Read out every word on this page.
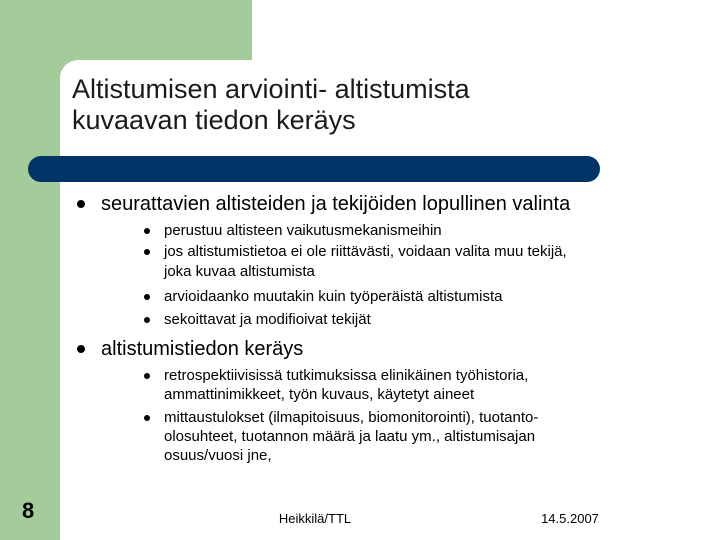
Altistumisen arviointi- altistumista
kuvaavan tiedon keräys
seurattavien altisteiden ja tekijöiden lopullinen valinta
perustuu altisteen vaikutusmekanismeihin
jos altistumistietoa ei ole riittävästi, voidaan valita muu tekijä,
joka kuvaa altistumista
arvioidaanko muutakin kuin työperäistä altistumista
sekoittavat ja modifioivat tekijät
altistumistiedon keräys
retrospektiivisissä tutkimuksissa elinikäinen työhistoria,
ammattinimikkeet, työn kuvaus, käytetyt aineet
mittaustulokset (ilmapitoisuus, biomonitorointi), tuotanto-
olosuhteet, tuotannon määrä ja laatu ym., altistumisajan
osuus/vuosi jne,
8	Heikkilä/TTL	14.5.2007
